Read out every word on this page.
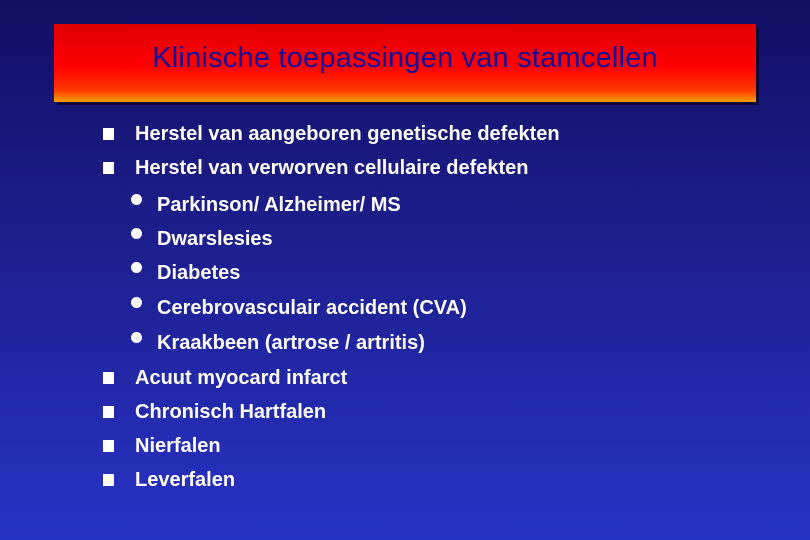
Klinische toepassingen van stamcellen
Herstel van aangeboren genetische defekten
Herstel van verworven cellulaire defekten
Parkinson/ Alzheimer/ MS
Dwarslesies
Diabetes
Cerebrovasculair accident (CVA)
Kraakbeen (artrose / artritis)
Acuut myocard infarct
Chronisch Hartfalen
Nierfalen
Leverfalen
